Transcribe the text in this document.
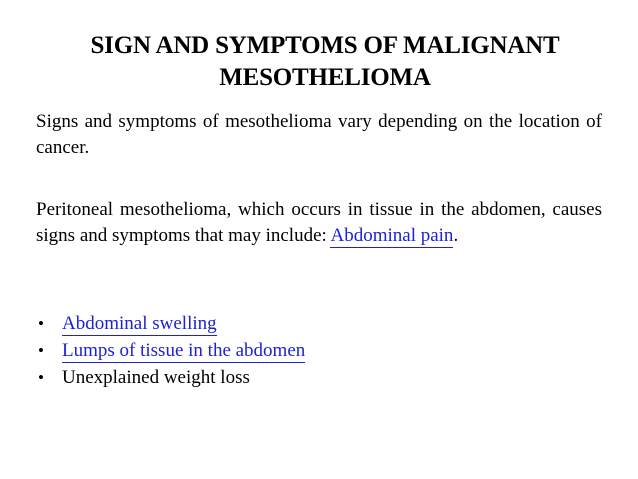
SIGN AND SYMPTOMS OF MALIGNANT
MESOTHELIOMA
Signs and symptoms of mesothelioma vary depending on the location of cancer.
Peritoneal mesothelioma, which occurs in tissue in the abdomen, causes signs and symptoms that may include: Abdominal pain.
• Abdominal swelling
• Lumps of tissue in the abdomen
• Unexplained weight loss
